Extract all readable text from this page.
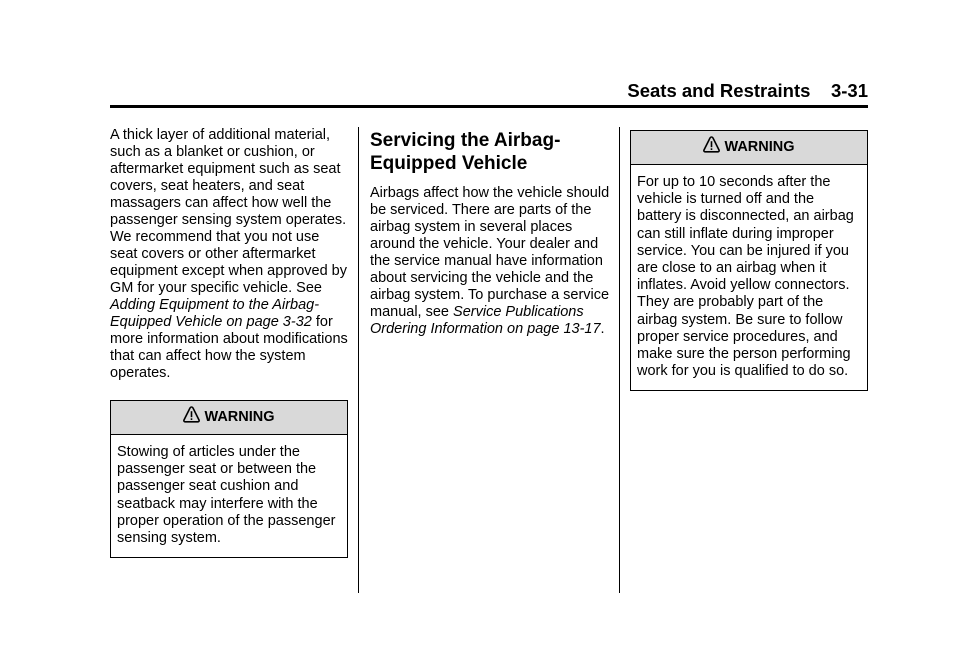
Seats and Restraints 3-31

A thick layer of additional material, such as a blanket or cushion, or aftermarket equipment such as seat covers, seat heaters, and seat massagers can affect how well the passenger sensing system operates. We recommend that you not use seat covers or other aftermarket equipment except when approved by GM for your specific vehicle. See Adding Equipment to the Airbag-Equipped Vehicle on page 3-32 for more information about modifications that can affect how the system operates.

WARNING
Stowing of articles under the passenger seat or between the passenger seat cushion and seatback may interfere with the proper operation of the passenger sensing system.
Servicing the Airbag-Equipped Vehicle

Airbags affect how the vehicle should be serviced. There are parts of the airbag system in several places around the vehicle. Your dealer and the service manual have information about servicing the vehicle and the airbag system. To purchase a service manual, see Service Publications Ordering Information on page 13-17.

WARNING
For up to 10 seconds after the vehicle is turned off and the battery is disconnected, an airbag can still inflate during improper service. You can be injured if you are close to an airbag when it inflates. Avoid yellow connectors. They are probably part of the airbag system. Be sure to follow proper service procedures, and make sure the person performing work for you is qualified to do so.
